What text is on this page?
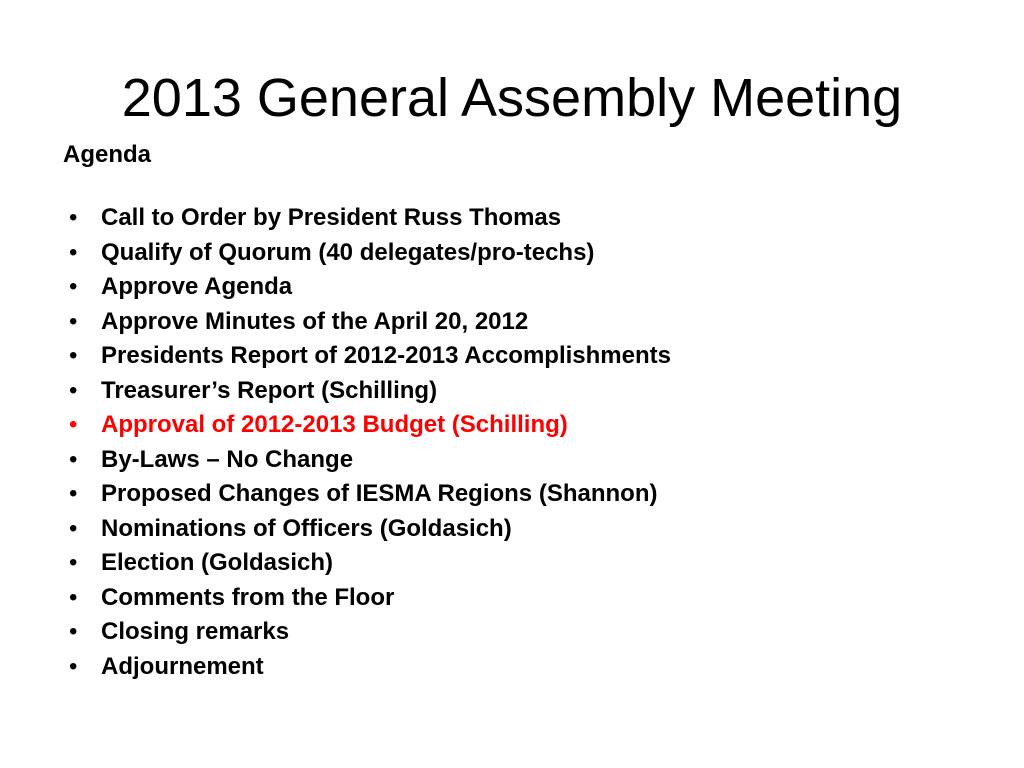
2013 General Assembly Meeting
Agenda
• Call to Order by President Russ Thomas
• Qualify of Quorum (40 delegates/pro-techs)
• Approve Agenda
• Approve Minutes of the April 20, 2012
• Presidents Report of 2012-2013 Accomplishments
• Treasurer’s Report (Schilling)
• Approval of 2012-2013 Budget (Schilling)
• By-Laws – No Change
• Proposed Changes of IESMA Regions (Shannon)
• Nominations of Officers (Goldasich)
• Election (Goldasich)
• Comments from the Floor
• Closing remarks
• Adjournement
